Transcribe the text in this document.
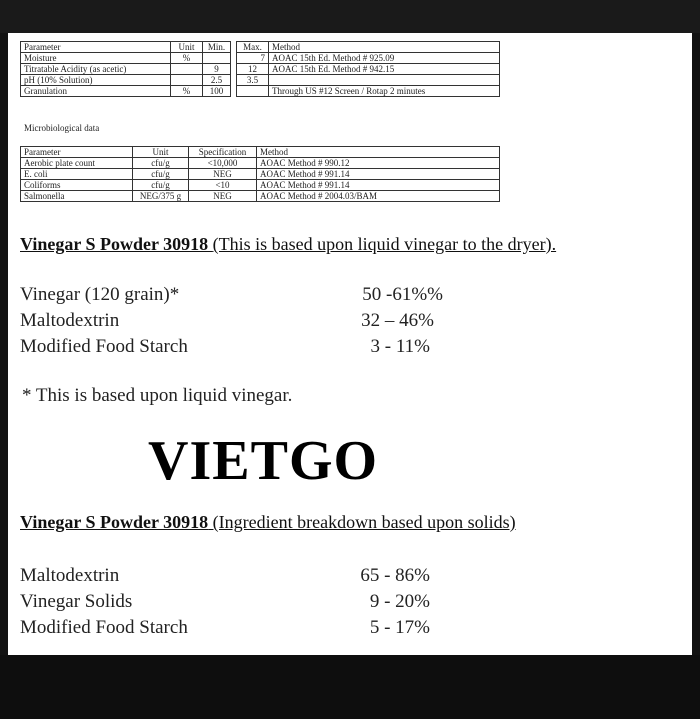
Parameter	Unit	Min.		Max.	Method
Moisture	%			7	AOAC 15th Ed. Method # 925.09
Titratable Acidity (as acetic)		9		12	AOAC 15th Ed. Method # 942.15
pH (10% Solution)		2.5		3.5	
Granulation	%	100			Through US #12 Screen / Rotap 2 minutes
Microbiological data
Parameter	Unit	Specification	Method
Aerobic plate count	cfu/g	<10,000	AOAC Method # 990.12
E. coli	cfu/g	NEG	AOAC Method # 991.14
Coliforms	cfu/g	<10	AOAC Method # 991.14
Salmonella	NEG/375 g	NEG	AOAC Method # 2004.03/BAM
Vinegar S Powder 30918 (This is based upon liquid vinegar to the dryer).
Vinegar (120 grain)*	50 -61%%
Maltodextrin	32 – 46%
Modified Food Starch	3 - 11%
* This is based upon liquid vinegar.
VIETGO
Vinegar S Powder 30918 (Ingredient breakdown based upon solids)
Maltodextrin	65 - 86%
Vinegar Solids	9 - 20%
Modified Food Starch	5 - 17%
